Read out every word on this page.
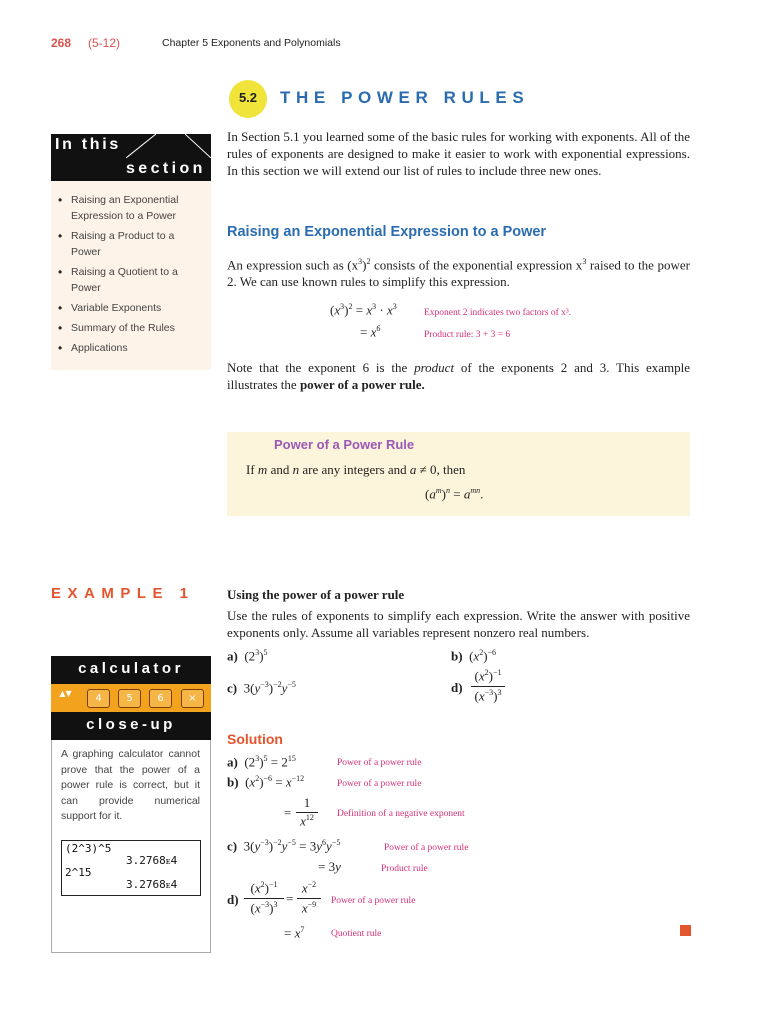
268 (5-12)	Chapter 5 Exponents and Polynomials
5.2	THE POWER RULES
In this
section
• Raising an Exponential Expression to a Power
• Raising a Product to a Power
• Raising a Quotient to a Power
• Variable Exponents
• Summary of the Rules
• Applications
In Section 5.1 you learned some of the basic rules for working with exponents. All of the rules of exponents are designed to make it easier to work with exponential expressions. In this section we will extend our list of rules to include three new ones.
Raising an Exponential Expression to a Power
An expression such as $(x^3)^2$ consists of the exponential expression $x^3$ raised to the power 2. We can use known rules to simplify this expression.
$(x^3)^2 = x^3 \cdot x^3$
Exponent 2 indicates two factors of x³.
= $x^6$
Product rule: 3 + 3 = 6
Note that the exponent 6 is the product of the exponents 2 and 3. This example illustrates the power of a power rule.
Power of a Power Rule
If m and n are any integers and a ≠ 0, then
$(a^m)^n = a^{mn}$.
EXAMPLE 1 Using the power of a power rule
Use the rules of exponents to simplify each expression. Write the answer with positive exponents only. Assume all variables represent nonzero real numbers.
a)  $(2^3)^5$	b)  $(x^2)^{-6}$
c)  $3(y^{-3})^{-2}y^{-5}$	d)
$(x^2)^{-1}$
$(x^{-3})^3$
Solution
a)  $(2^3)^5 = 2^{15}$	Power of a power rule
b)  $(x^2)^{-6} = x^{-12}$
Power of a power rule
=
1
$x^{12}$	Definition of a negative exponent
c)  $3(y^{-3})^{-2}y^{-5} = 3y^6y^{-5}$
Power of a power rule
= 3y	Product rule
d)
$(x^2)^{-1}$
$(x^{-3})^3$ =
$x^{-2}$
$x^{-9}$	Power of a power rule
= $x^7$	Quotient rule
calculator
▲▼	4	5	6	×
close-up
A graphing calculator cannot prove that the power of a power rule is correct, but it can provide numerical support for it.
(2^3)^5
3.2768ᴇ4
2^15
3.2768ᴇ4
